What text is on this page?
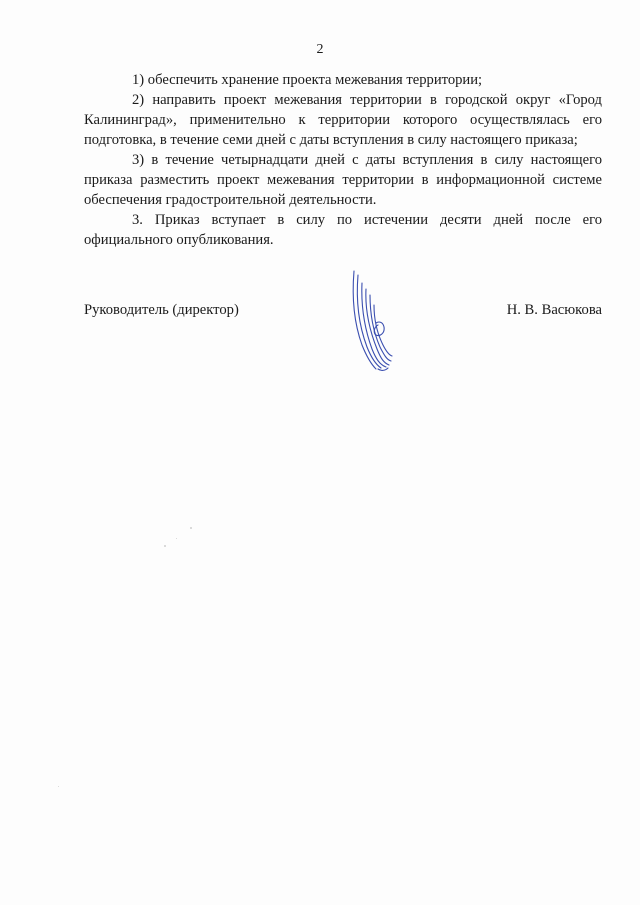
2

1) обеспечить хранение проекта межевания территории;

2) направить проект межевания территории в городской округ «Город Калининград», применительно к территории которого осуществлялась его подготовка, в течение семи дней с даты вступления в силу настоящего приказа;

3) в течение четырнадцати дней с даты вступления в силу настоящего приказа разместить проект межевания территории в информационной системе обеспечения градостроительной деятельности.

3. Приказ вступает в силу по истечении десяти дней после его официального опубликования.

Руководитель (директор)	Н. В. Васюкова
